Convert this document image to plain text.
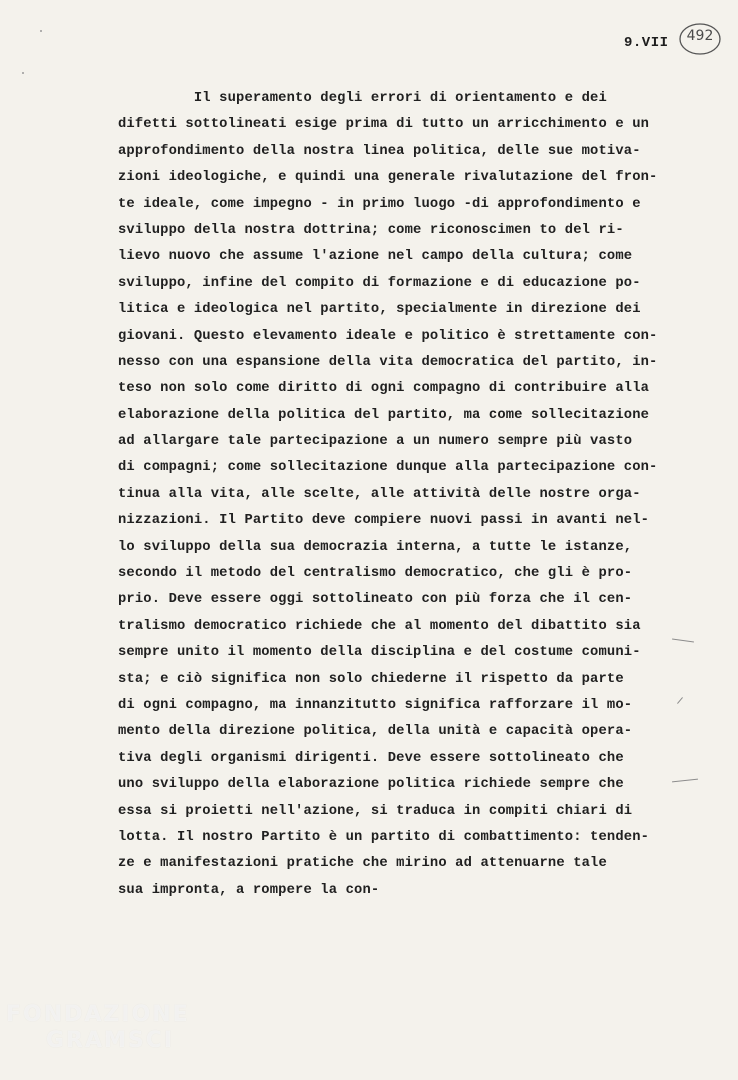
9.VII	492
Il superamento degli errori di orientamento e dei
difetti sottolineati esige prima di tutto un arricchimento e un
approfondimento della nostra linea politica, delle sue motiva-
zioni ideologiche, e quindi una generale rivalutazione del fron-
te ideale, come impegno - in primo luogo -di approfondimento e
sviluppo della nostra dottrina; come riconoscimen to del ri-
lievo nuovo che assume l'azione nel campo della cultura; come
sviluppo, infine del compito di formazione e di educazione po-
litica e ideologica nel partito, specialmente in direzione dei
giovani. Questo elevamento ideale e politico è strettamente con-
nesso con una espansione della vita democratica del partito, in-
teso non solo come diritto di ogni compagno di contribuire alla
elaborazione della politica del partito, ma come sollecitazione
ad allargare tale partecipazione a un numero sempre più vasto
di compagni; come sollecitazione dunque alla partecipazione con-
tinua alla vita, alle scelte, alle attività delle nostre orga-
nizzazioni. Il Partito deve compiere nuovi passi in avanti nel-
lo sviluppo della sua democrazia interna, a tutte le istanze,
secondo il metodo del centralismo democratico, che gli è pro-
prio. Deve essere oggi sottolineato con più forza che il cen-
tralismo democratico richiede che al momento del dibattito sia
sempre unito il momento della disciplina e del costume comuni-
sta; e ciò significa non solo chiederne il rispetto da parte
di ogni compagno, ma innanzitutto significa rafforzare il mo-
mento della direzione politica, della unità e capacità opera-
tiva degli organismi dirigenti. Deve essere sottolineato che
uno sviluppo della elaborazione politica richiede sempre che
essa si proietti nell'azione, si traduca in compiti chiari di
lotta. Il nostro Partito è un partito di combattimento: tenden-
ze e manifestazioni pratiche che mirino ad attenuarne tale
sua impronta, a rompere la con-
FONDAZIONE
GRAMSCI
